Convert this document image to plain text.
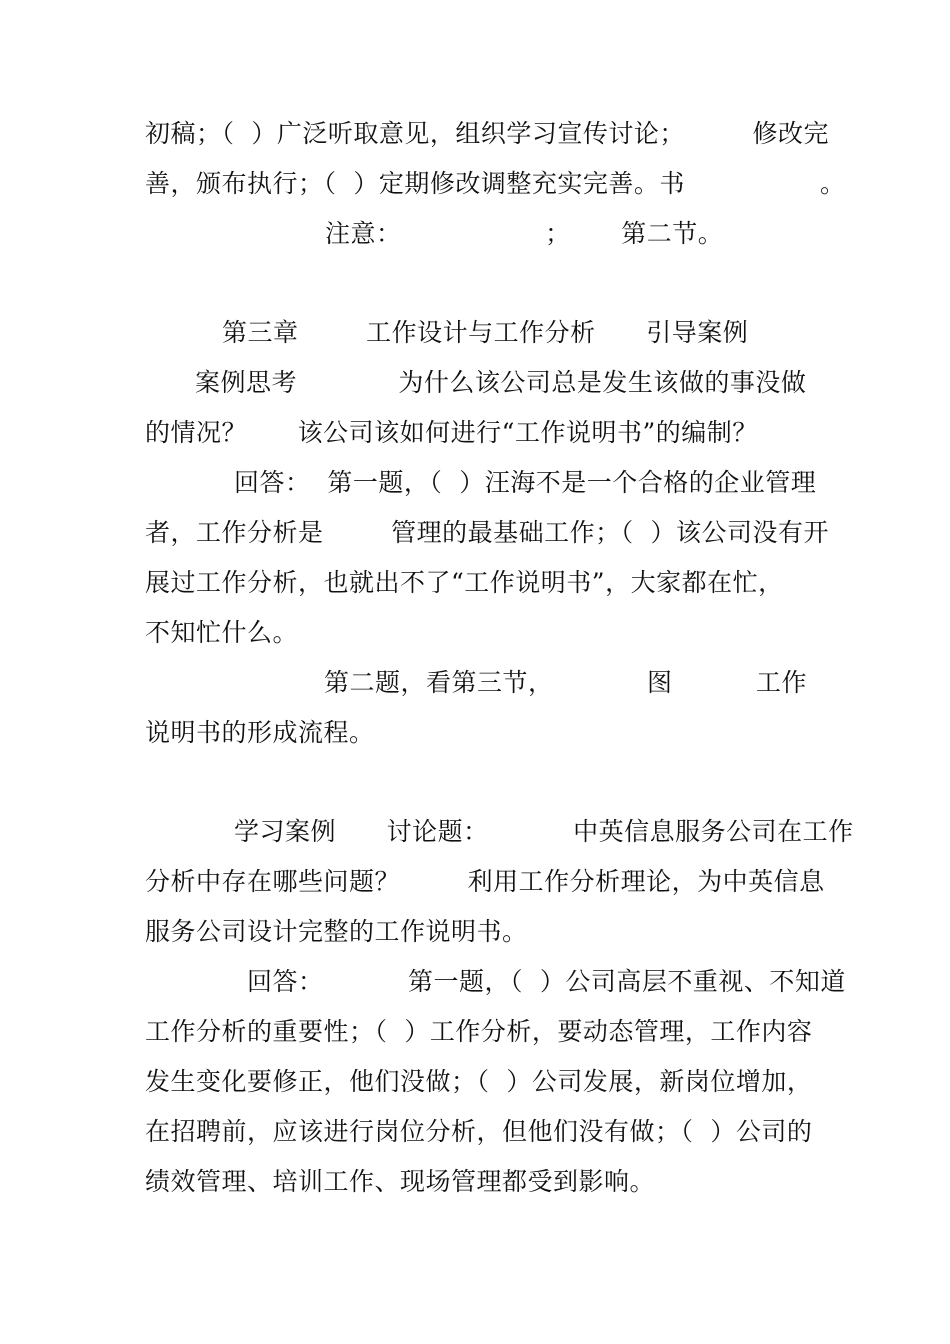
初稿；（  ）广泛听取意见，组织学习宣传讨论；        修改完
善，颁布执行；（  ）定期修改调整充实完善。书                。
注意：                 ；      第二节。
第三章        工作设计与工作分析      引导案例
案例思考            为什么该公司总是发生该做的事没做
的情况？      该公司该如何进行“工作说明书”的编制？
回答：  第一题，（  ）汪海不是一个合格的企业管理
者，工作分析是        管理的最基础工作；（  ）该公司没有开
展过工作分析，也就出不了“工作说明书”，大家都在忙，
不知忙什么。
第二题，看第三节，	图	工作
说明书的形成流程。
学习案例      讨论题：          中英信息服务公司在工作
分析中存在哪些问题？        利用工作分析理论，为中英信息
服务公司设计完整的工作说明书。
回答：          第一题，（  ）公司高层不重视、不知道
工作分析的重要性；（  ）工作分析，要动态管理，工作内容
发生变化要修正，他们没做；（  ）公司发展，新岗位增加，
在招聘前，应该进行岗位分析，但他们没有做；（  ）公司的
绩效管理、培训工作、现场管理都受到影响。
